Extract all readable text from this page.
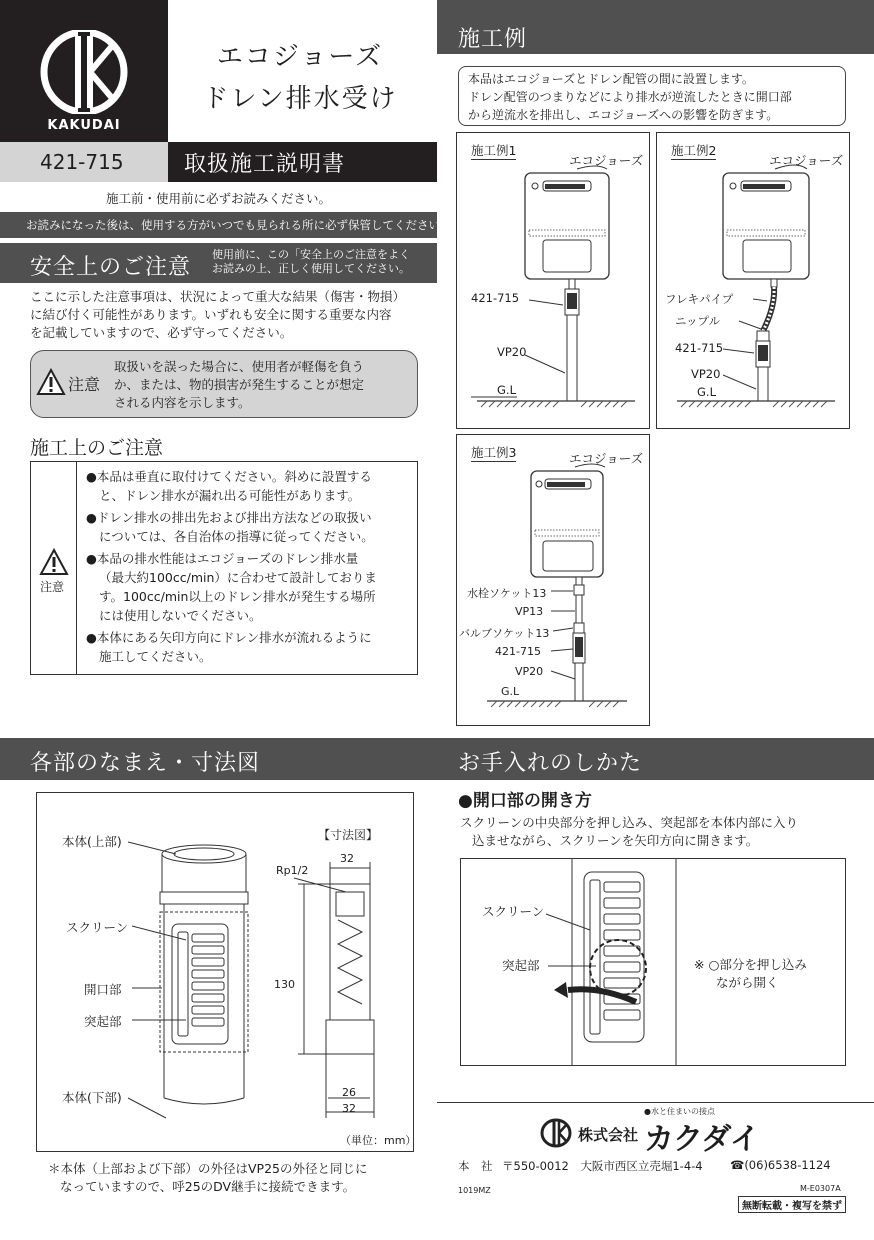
KAKUDAI
エコジョーズ
ドレン排水受け
421-715	取扱施工説明書
施工前・使用前に必ずお読みください。
お読みになった後は、使用する方がいつでも見られる所に必ず保管してください。
安全上のご注意
使用前に、この「安全上のご注意をよく
お読みの上、正しく使用してください。
ここに示した注意事項は、状況によって重大な結果（傷害・物損）
に結び付く可能性があります。いずれも安全に関する重要な内容
を記載していますので、必ず守ってください。
注意
取扱いを誤った場合に、使用者が軽傷を負う
か、または、物的損害が発生することが想定
される内容を示します。
施工上のご注意
注意
●本品は垂直に取付けてください。斜めに設置する
と、ドレン排水が漏れ出る可能性があります。
●ドレン排水の排出先および排出方法などの取扱い
については、各自治体の指導に従ってください。
●本品の排水性能はエコジョーズのドレン排水量
（最大約100cc/min）に合わせて設計しておりま
す。100cc/min以上のドレン排水が発生する場所
には使用しないでください。
●本体にある矢印方向にドレン排水が流れるように
施工してください。
施工例
本品はエコジョーズとドレン配管の間に設置します。
ドレン配管のつまりなどにより排水が逆流したときに開口部
から逆流水を排出し、エコジョーズへの影響を防ぎます。
施工例1
エコジョーズ
421-715
VP20
G.L
施工例2
エコジョーズ
フレキパイプ
ニップル
421-715
VP20
G.L
施工例3	エコジョーズ
水栓ソケット13
VP13
バルブソケット13
421-715
VP20
G.L
各部のなまえ・寸法図
本体(上部)
スクリーン
開口部
突起部
本体(下部)
【寸法図】
Rp1/2
32
130
26
32
（単位：mm）
＊本体（上部および下部）の外径はVP25の外径と同じに
なっていますので、呼25のDV継手に接続できます。
お手入れのしかた
●開口部の開き方
スクリーンの中央部分を押し込み、突起部を本体内部に入り
込ませながら、スクリーンを矢印方向に開きます。
スクリーン
突起部	※ ○部分を押し込み
ながら開く
●水と住まいの接点
株式会社 カクダイ
本　社 〒550-0012　大阪市西区立売堀1-4-4 ☎(06)6538-1124
1019MZ	M-E0307A
無断転載・複写を禁ず
